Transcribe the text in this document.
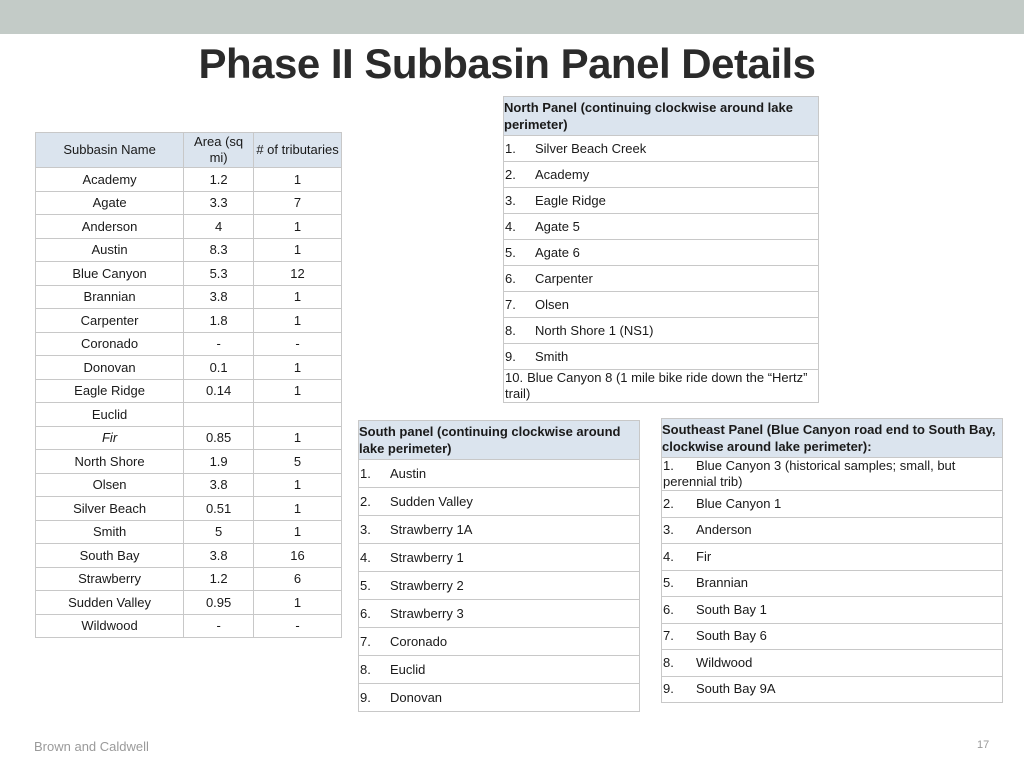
Phase II Subbasin Panel Details
Subbasin Name	Area (sq mi)	# of tributaries
Academy	1.2	1
Agate	3.3	7
Anderson	4	1
Austin	8.3	1
Blue Canyon	5.3	12
Brannian	3.8	1
Carpenter	1.8	1
Coronado	-	-
Donovan	0.1	1
Eagle Ridge	0.14	1
Euclid		
Fir	0.85	1
North Shore	1.9	5
Olsen	3.8	1
Silver Beach	0.51	1
Smith	5	1
South Bay	3.8	16
Strawberry	1.2	6
Sudden Valley	0.95	1
Wildwood	-	-
North Panel (continuing clockwise around lake perimeter)
1. Silver Beach Creek
2. Academy
3. Eagle Ridge
4. Agate 5
5. Agate 6
6. Carpenter
7. Olsen
8. North Shore 1 (NS1)
9. Smith
10. Blue Canyon 8 (1 mile bike ride down the “Hertz” trail)
South panel (continuing clockwise around lake perimeter)
1. Austin
2. Sudden Valley
3. Strawberry 1A
4. Strawberry 1
5. Strawberry 2
6. Strawberry 3
7. Coronado
8. Euclid
9. Donovan
Southeast Panel (Blue Canyon road end to South Bay, clockwise around lake perimeter):
1. Blue Canyon 3 (historical samples; small, but perennial trib)
2. Blue Canyon 1
3. Anderson
4. Fir
5. Brannian
6. South Bay 1
7. South Bay 6
8. Wildwood
9. South Bay 9A
Brown and Caldwell	17
